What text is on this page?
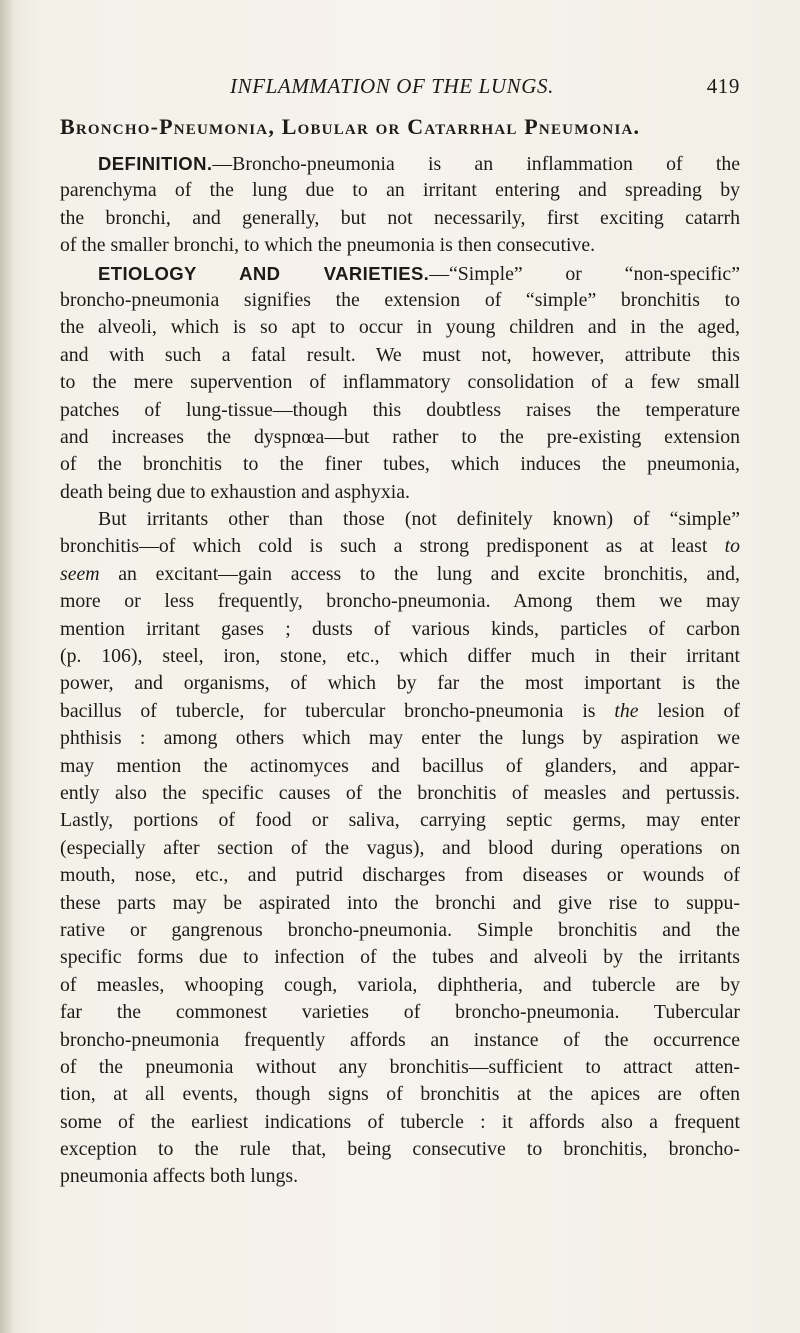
INFLAMMATION OF THE LUNGS.	419
Broncho-Pneumonia, Lobular or Catarrhal Pneumonia.
DEFINITION.—Broncho-pneumonia is an inflammation of the
parenchyma of the lung due to an irritant entering and spreading by
the bronchi, and generally, but not necessarily, first exciting catarrh
of the smaller bronchi, to which the pneumonia is then consecutive.
ETIOLOGY AND VARIETIES.—“Simple” or “non-specific”
broncho-pneumonia signifies the extension of “simple” bronchitis to
the alveoli, which is so apt to occur in young children and in the aged,
and with such a fatal result. We must not, however, attribute this
to the mere supervention of inflammatory consolidation of a few small
patches of lung-tissue—though this doubtless raises the temperature
and increases the dyspnœa—but rather to the pre-existing extension
of the bronchitis to the finer tubes, which induces the pneumonia,
death being due to exhaustion and asphyxia.
But irritants other than those (not definitely known) of “simple”
bronchitis—of which cold is such a strong predisponent as at least to
seem an excitant—gain access to the lung and excite bronchitis, and,
more or less frequently, broncho-pneumonia. Among them we may
mention irritant gases ; dusts of various kinds, particles of carbon
(p. 106), steel, iron, stone, etc., which differ much in their irritant
power, and organisms, of which by far the most important is the
bacillus of tubercle, for tubercular broncho-pneumonia is the lesion of
phthisis : among others which may enter the lungs by aspiration we
may mention the actinomyces and bacillus of glanders, and appar-
ently also the specific causes of the bronchitis of measles and pertussis.
Lastly, portions of food or saliva, carrying septic germs, may enter
(especially after section of the vagus), and blood during operations on
mouth, nose, etc., and putrid discharges from diseases or wounds of
these parts may be aspirated into the bronchi and give rise to suppu-
rative or gangrenous broncho-pneumonia. Simple bronchitis and the
specific forms due to infection of the tubes and alveoli by the irritants
of measles, whooping cough, variola, diphtheria, and tubercle are by
far the commonest varieties of broncho-pneumonia. Tubercular
broncho-pneumonia frequently affords an instance of the occurrence
of the pneumonia without any bronchitis—sufficient to attract atten-
tion, at all events, though signs of bronchitis at the apices are often
some of the earliest indications of tubercle : it affords also a frequent
exception to the rule that, being consecutive to bronchitis, broncho-
pneumonia affects both lungs.
